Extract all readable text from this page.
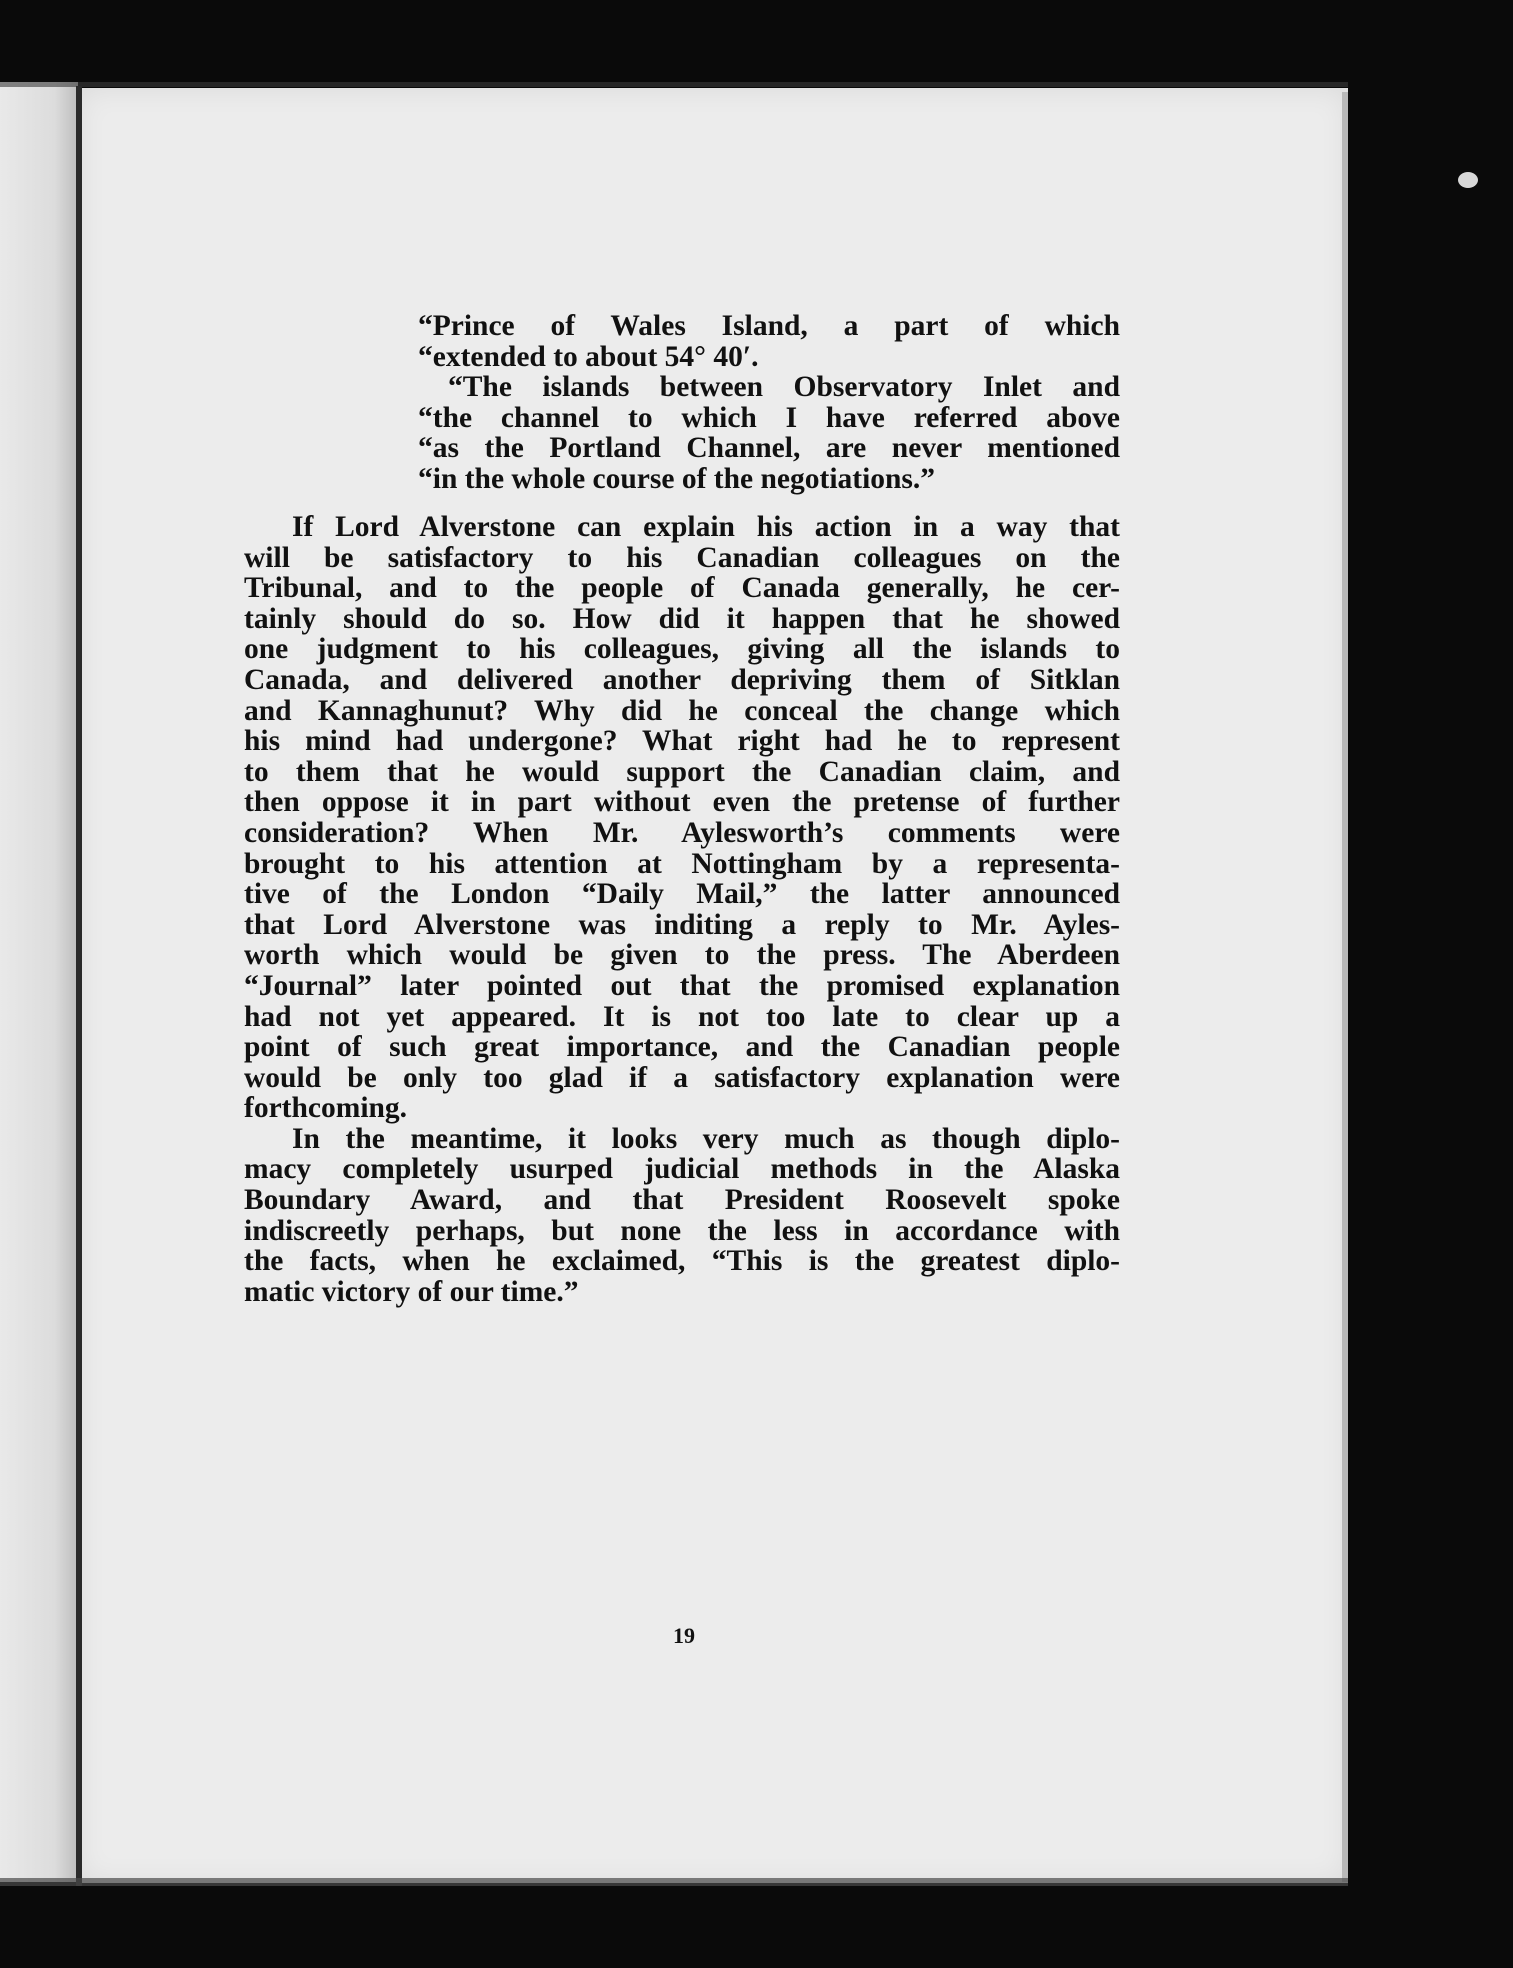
“Prince of Wales Island, a part of which
“extended to about 54° 40′.
“The islands between Observatory Inlet and
“the channel to which I have referred above
“as the Portland Channel, are never mentioned
“in the whole course of the negotiations.”
If Lord Alverstone can explain his action in a way that
will be satisfactory to his Canadian colleagues on the
Tribunal, and to the people of Canada generally, he cer-
tainly should do so. How did it happen that he showed
one judgment to his colleagues, giving all the islands to
Canada, and delivered another depriving them of Sitklan
and Kannaghunut? Why did he conceal the change which
his mind had undergone? What right had he to represent
to them that he would support the Canadian claim, and
then oppose it in part without even the pretense of further
consideration? When Mr. Aylesworth’s comments were
brought to his attention at Nottingham by a representa-
tive of the London “Daily Mail,” the latter announced
that Lord Alverstone was inditing a reply to Mr. Ayles-
worth which would be given to the press. The Aberdeen
“Journal” later pointed out that the promised explanation
had not yet appeared. It is not too late to clear up a
point of such great importance, and the Canadian people
would be only too glad if a satisfactory explanation were
forthcoming.
In the meantime, it looks very much as though diplo-
macy completely usurped judicial methods in the Alaska
Boundary Award, and that President Roosevelt spoke
indiscreetly perhaps, but none the less in accordance with
the facts, when he exclaimed, “This is the greatest diplo-
matic victory of our time.”
19
